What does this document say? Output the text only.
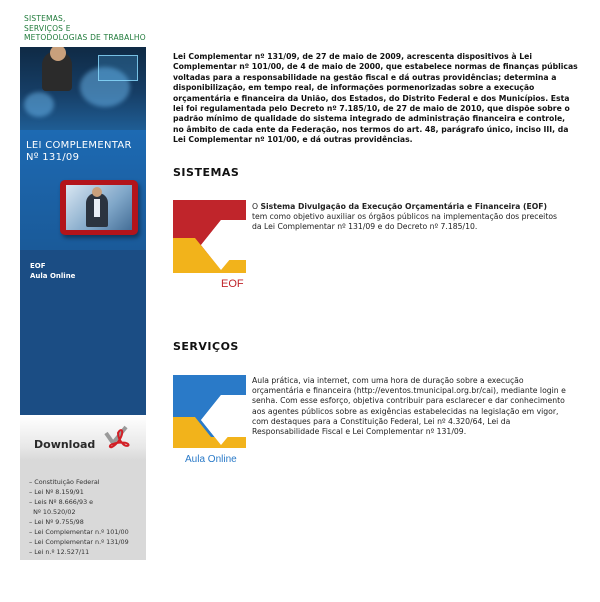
SISTEMAS,
SERVIÇOS E
METODOLOGIAS DE TRABALHO
LEI COMPLEMENTAR
Nº 131/09
EOF
Aula Online
Download
– Constituição Federal
– Lei Nº 8.159/91
– Leis Nº 8.666/93 e
Nº 10.520/02
– Lei Nº 9.755/98
– Lei Complementar n.º 101/00
– Lei Complementar n.º 131/09
– Lei n.º 12.527/11

Lei Complementar nº 131/09, de 27 de maio de 2009, acrescenta dispositivos à Lei Complementar nº 101/00, de 4 de maio de 2000, que estabelece normas de finanças públicas voltadas para a responsabilidade na gestão fiscal e dá outras providências; determina a disponibilização, em tempo real, de informações pormenorizadas sobre a execução orçamentária e financeira da União, dos Estados, do Distrito Federal e dos Municípios. Esta lei foi regulamentada pelo Decreto nº 7.185/10, de 27 de maio de 2010, que dispõe sobre o padrão mínimo de qualidade do sistema integrado de administração financeira e controle, no âmbito de cada ente da Federação, nos termos do art. 48, parágrafo único, inciso III, da Lei Complementar nº 101/00, e dá outras providências.

SISTEMAS
EOF

O Sistema Divulgação da Execução Orçamentária e Financeira (EOF) tem como objetivo auxiliar os órgãos públicos na implementação dos preceitos da Lei Complementar nº 131/09 e do Decreto nº 7.185/10.

SERVIÇOS
Aula Online

Aula prática, via internet, com uma hora de duração sobre a execução orçamentária e financeira (http://eventos.tmunicipal.org.br/cai), mediante login e senha. Com esse esforço, objetiva contribuir para esclarecer e dar conhecimento aos agentes públicos sobre as exigências estabelecidas na legislação em vigor, com destaques para a Constituição Federal, Lei nº 4.320/64, Lei da Responsabilidade Fiscal e Lei Complementar nº 131/09.
